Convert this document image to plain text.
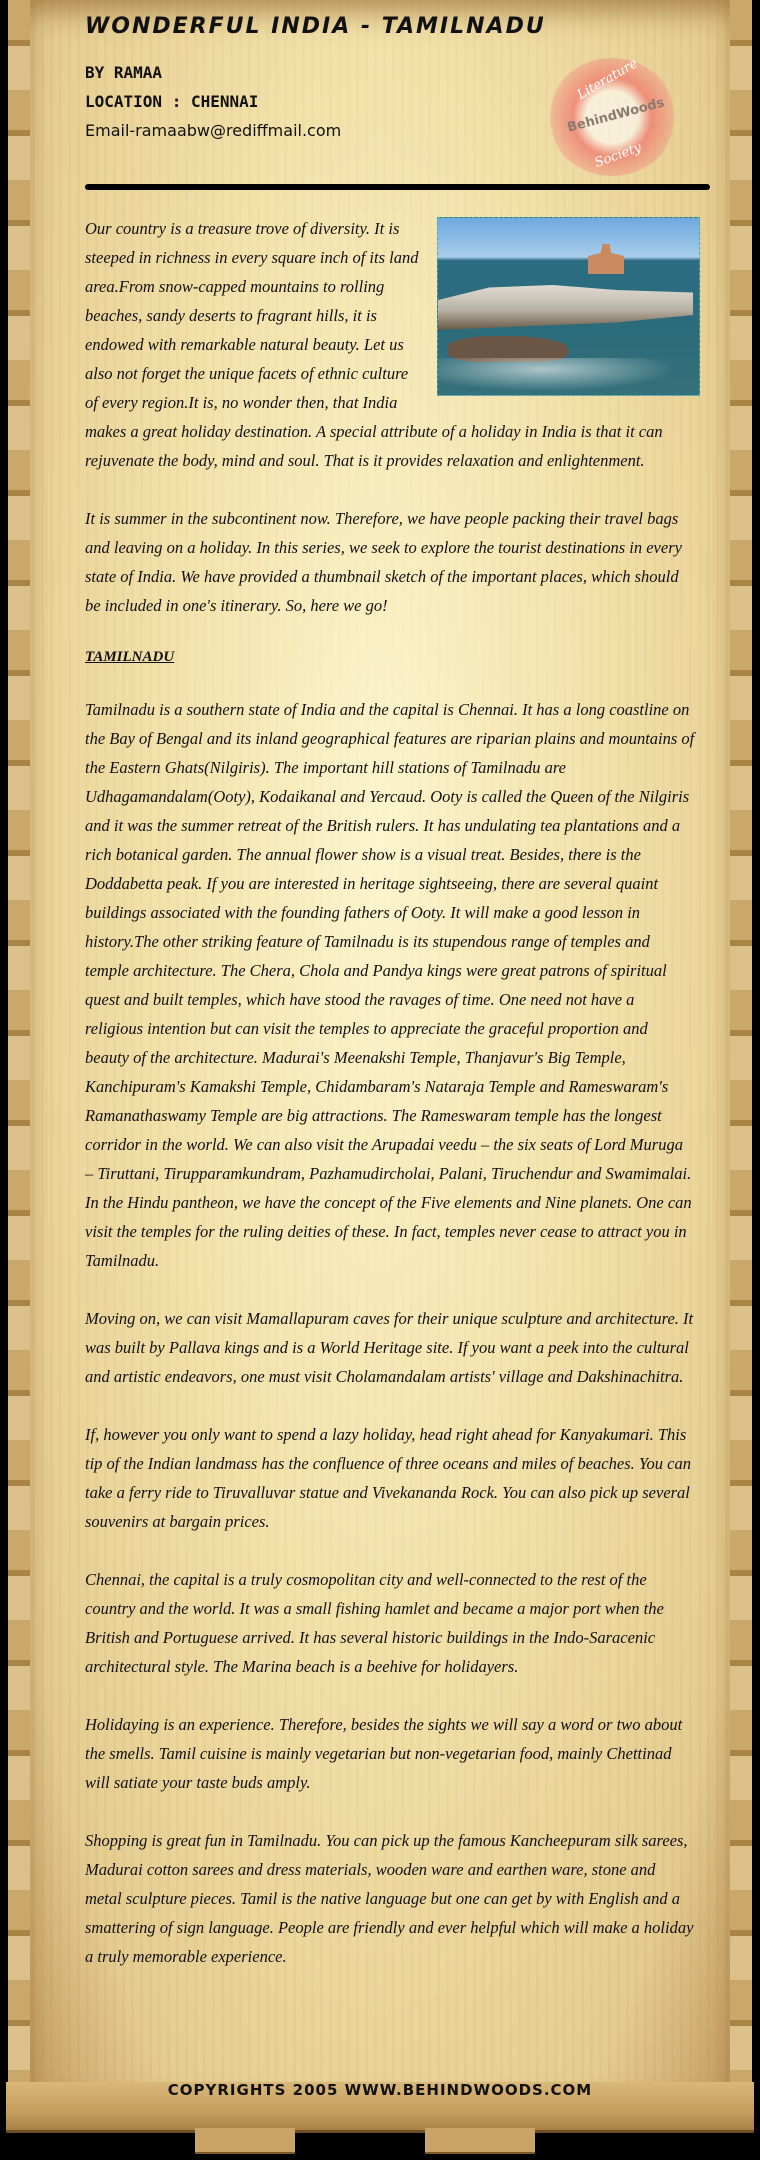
WONDERFUL INDIA - TAMILNADU
BY RAMAA
LOCATION : CHENNAI
Email-ramaabw@rediffmail.com
Literature
BehindWoods
Society

Our country is a treasure trove of diversity. It is steeped in richness in every square inch of its land area.From snow-capped mountains to rolling beaches, sandy deserts to fragrant hills, it is endowed with remarkable natural beauty. Let us also not forget the unique facets of ethnic culture of every region.It is, no wonder then, that India makes a great holiday destination. A special attribute of a holiday in India is that it can rejuvenate the body, mind and soul. That is it provides relaxation and enlightenment.

It is summer in the subcontinent now. Therefore, we have people packing their travel bags and leaving on a holiday. In this series, we seek to explore the tourist destinations in every state of India. We have provided a thumbnail sketch of the important places, which should be included in one's itinerary. So, here we go!

TAMILNADU

Tamilnadu is a southern state of India and the capital is Chennai. It has a long coastline on the Bay of Bengal and its inland geographical features are riparian plains and mountains of the Eastern Ghats(Nilgiris). The important hill stations of Tamilnadu are Udhagamandalam(Ooty), Kodaikanal and Yercaud. Ooty is called the Queen of the Nilgiris and it was the summer retreat of the British rulers. It has undulating tea plantations and a rich botanical garden. The annual flower show is a visual treat. Besides, there is the Doddabetta peak. If you are interested in heritage sightseeing, there are several quaint buildings associated with the founding fathers of Ooty. It will make a good lesson in history.The other striking feature of Tamilnadu is its stupendous range of temples and temple architecture. The Chera, Chola and Pandya kings were great patrons of spiritual quest and built temples, which have stood the ravages of time. One need not have a religious intention but can visit the temples to appreciate the graceful proportion and beauty of the architecture. Madurai's Meenakshi Temple, Thanjavur's Big Temple, Kanchipuram's Kamakshi Temple, Chidambaram's Nataraja Temple and Rameswaram's Ramanathaswamy Temple are big attractions. The Rameswaram temple has the longest corridor in the world. We can also visit the Arupadai veedu – the six seats of Lord Muruga – Tiruttani, Tirupparamkundram, Pazhamudircholai, Palani, Tiruchendur and Swamimalai. In the Hindu pantheon, we have the concept of the Five elements and Nine planets. One can visit the temples for the ruling deities of these. In fact, temples never cease to attract you in Tamilnadu.

Moving on, we can visit Mamallapuram caves for their unique sculpture and architecture. It was built by Pallava kings and is a World Heritage site. If you want a peek into the cultural and artistic endeavors, one must visit Cholamandalam artists' village and Dakshinachitra.

If, however you only want to spend a lazy holiday, head right ahead for Kanyakumari. This tip of the Indian landmass has the confluence of three oceans and miles of beaches. You can take a ferry ride to Tiruvalluvar statue and Vivekananda Rock. You can also pick up several souvenirs at bargain prices.

Chennai, the capital is a truly cosmopolitan city and well-connected to the rest of the country and the world. It was a small fishing hamlet and became a major port when the British and Portuguese arrived. It has several historic buildings in the Indo-Saracenic architectural style. The Marina beach is a beehive for holidayers.

Holidaying is an experience. Therefore, besides the sights we will say a word or two about the smells. Tamil cuisine is mainly vegetarian but non-vegetarian food, mainly Chettinad will satiate your taste buds amply.

Shopping is great fun in Tamilnadu. You can pick up the famous Kancheepuram silk sarees, Madurai cotton sarees and dress materials, wooden ware and earthen ware, stone and metal sculpture pieces. Tamil is the native language but one can get by with English and a smattering of sign language. People are friendly and ever helpful which will make a holiday a truly memorable experience.

COPYRIGHTS 2005 WWW.BEHINDWOODS.COM
